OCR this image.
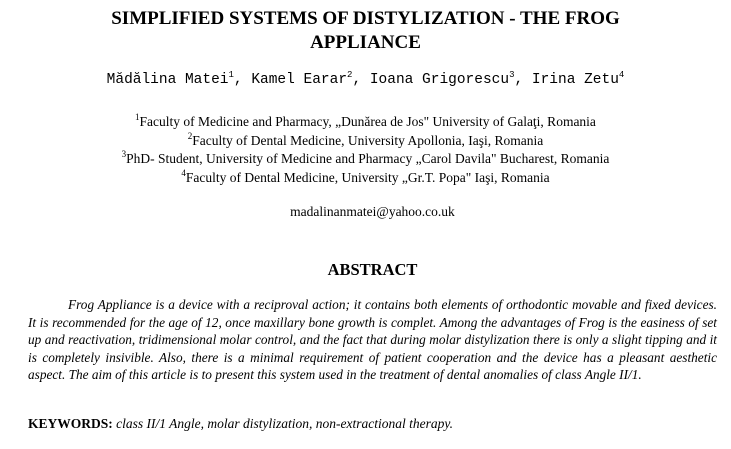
SIMPLIFIED SYSTEMS OF DISTYLIZATION - THE FROG APPLIANCE
Mădălina Matei$^1$, Kamel Earar$^2$, Ioana Grigorescu$^3$, Irina Zetu$^4$
$^1$Faculty of Medicine and Pharmacy, „Dunărea de Jos" University of Galaţi, Romania
$^2$Faculty of Dental Medicine, University Apollonia, Iaşi, Romania
$^3$PhD- Student, University of Medicine and Pharmacy „Carol Davila" Bucharest, Romania
$^4$Faculty of Dental Medicine, University „Gr.T. Popa" Iaşi, Romania
madalinanmatei@yahoo.co.uk
ABSTRACT

Frog Appliance is a device with a reciproval action; it contains both elements of orthodontic movable and fixed devices. It is recommended for the age of 12, once maxillary bone growth is complet. Among the advantages of Frog is the easiness of set up and reactivation, tridimensional molar control, and the fact that during molar distylization there is only a slight tipping and it is completely insivible. Also, there is a minimal requirement of patient cooperation and the device has a pleasant aesthetic aspect. The aim of this article is to present this system used in the treatment of dental anomalies of class Angle II/1.

KEYWORDS: class II/1 Angle, molar distylization, non-extractional therapy.
